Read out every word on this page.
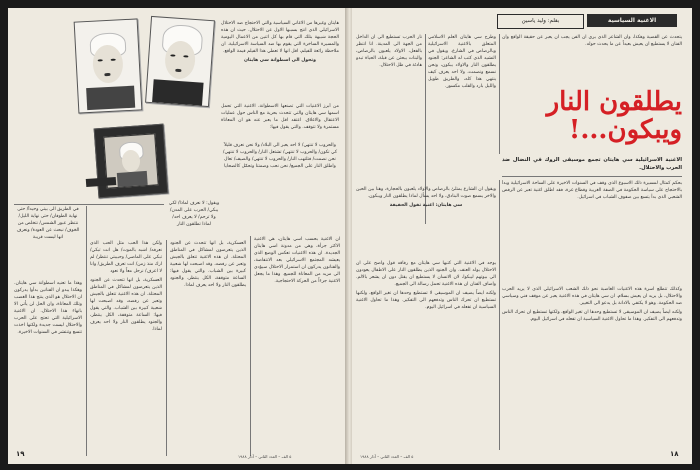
هايتان وغيرها من الاغاني السياسية والتي الاحتجاج ضد الاحتلال الاسرائيلي الذي انتج بسببها الاول عن الاحتلال. حيث ان هذه الحجة شبيهة بتلك التي قام بها كل اثنين من الاعمال اليومية والمسيرة الساخرة التي يقوم بها ضد السياسة الاسرائيلية. ان ملاحظة رائعة للفيلم، اقل انها لا تعطي هذا الفيلم قيمة الواقع.

وتحول الى اسطوانة سي هايتان

من أبرز الاغنيات التي تصنعها الاسطوانة، الاغنية التي تحمل اسمها سي هايتان والتي تتحدث بحرية مع الناس حول عمليات الاعتقال والاغلاق. اعتقد اقل ما يعبر عنه هو ان المعاناة مستمرة ولا تتوقف. والتي يقول فيها:

والحروب لا تنتهي/ لا احد يعبر الى البلاد/ ولا نحن نعرف قليلاً كي تكون/ والحروب لا تنتهي/ تشتعل النار/ والحروب لا تنتهي/ نحن نصمت/ فتلتهب النار/ والحروب لا تنتهي/ والصيف/ تعال واطلق النار على الجميع/ نحن نحب وصمتنا وتحمّل كالضحايا

ويقول: لا نعرف لماذا/ لكي يبكي/ الحرب على المدن/ ولا ترحم/ لا يعرف احد/ لماذا تطلقون النار

في الطريق الى بيتي وحيداً/ حتى نهاية الطوفان/ حتى نهاية الليل/ ننتظر عبور الشمس/ نتخلص من الخوف/ نبحث عن العودة/ ونعرف انها ليست قريبة

وهذا ما تعنيه اسطوانة سي هايتان. وهكذا يبدو ان الفنانين بدأوا يدركون ان الاحتلال هو الذي ينتج هذا الغضب وتلك المعاناة، وان الحل لن يأتي الا بانهاء هذا الاحتلال. ان الاغنية الاسرائيلية التي تحتج على الحرب والاحتلال ليست جديدة ولكنها اخذت تتسع وتنتشر في السنوات الاخيرة.

ولكن هذا الحب مثل الحب الذي نعرفه/ اشبه بالموت/ هل انت تبكي/ تبكي على الماضي/ وحبيبتي تنتظر/ لم ارك منذ زمن/ انت تعرف الطريق/ وانا لا اعرف/ نرحل معاً ولا نعود

العسكرية، بل انها تتحدث عن الجنود الذين يتعرضون لمشاكل في المناطق المحتلة. ان هذه الاغنية تتعلق بالجيش وتعبر عن رفضه، وقد اصبحت لها شعبية كبيرة بين الشباب. والتي يقول فيها: الساعة متوقفة، الكل ينتظر، والجنود يطلقون النار ولا احد يعرف لماذا.

العسكرية، بل انها تتحدث عن الجنود الذين يتعرضون لمشاكل في المناطق المحتلة. ان هذه الاغنية تتعلق بالجيش وتعبر عن رفضه، وقد اصبحت لها شعبية كبيرة بين الشباب. والتي يقول فيها: الساعة متوقفة، الكل ينتظر، والجنود يطلقون النار ولا احد يعرف لماذا.

ان الاغنية بحسب اسي هايتان، هي الاغنية الاكثر جرأة، وهي من مدونة اسي هايتان الجديدة. ان هذه الاغنيات تعكس الوضع الذي يعيشه المجتمع الاسرائيلي بعد الانتفاضة، والفنانون يدركون ان استمرار الاحتلال سيؤدي الى مزيد من المعاناة للجميع. وهذا ما يجعل الاغنية جزءاً من الحركة الاحتجاجية.

١٩	٥ الف – العدد الثاني – آذار ١٩٨٨
الاغنية السياسية
بقلم: وليد ياسين

نار الحرب تستطيع الى ان الداخل من الجهة الى المدينة. انا انتظر بالفعل، الاولاد يلعبون بالرصاص، والبنات يبحثن عن قبلة، الحياة تبدو هادئة في ظل الاحتلال.

وطرح سي هايتان العلم الاسلامي المتعلق بالاغنية الاسرائيلية وبالرصاص في الشارع. ويقول في النشيد الذي كتب له الشاعر: الجنود يطلقون النار والاولاد يبكون، ونحن نسمع ونصمت، ولا احد يعرف كيف ينتهي هذا كله، والطريق طويل والليل بارد والقلب مكسور.

يتحدث عن القضية وهكذا، وان الشاعر الذي يرى ان الفن يجب ان يعبر عن حقيقة الواقع وان الفنان لا يستطيع ان يعيش بعيداً عن ما يحدث حوله.

يطلقون النار
ويبكون...!
الاغنية الاسرائيلية سي هايتان تجمع موسيقى الروك في النضال ضد الحرب والاحتلال.

ويقول ان الشارع يمتلئ بالرصاص والاولاد يلعبون بالحجارة، وهنا بين الحين والاخر يسمع صوت البنادق، ولا احد يسأل لماذا يطلقون النار ويبكون.

سي هايتان: اغنية تقول الحقيقة

بحكم كمثال لمسيرة ذلك الاسبوع الذي وقف في السنوات الاخيرة على الساحة الاسرائيلية وبدأ بالاحتجاج على سياسة الحكومة في الضفة الغربية وقطاع غزة، فقد اطلق اغنية تعبر عن الرفض الشعبي الذي بدأ يتسع بين صفوف الشباب في اسرائيل.

يوجد في الاغنية التي كتبها سي هايتان مع رفاقه قول واضح على ان الاحتلال يولد العنف. وان الجنود الذين يطلقون النار على الاطفال يعودون الى بيوتهم ليبكوا، لان الانسان لا يستطيع ان يقتل دون ان يشعر بالالم. واضاف الفنان ان هذه الاغنية تحمل رسالة الى الجميع.

ولكنه ايضاً يضيف ان الموسيقى لا تستطيع وحدها ان تغير الواقع، ولكنها تستطيع ان تحرك الناس وتدفعهم الى التفكير. وهذا ما تحاول الاغنية السياسية ان تفعله في اسرائيل اليوم.

وكذلك تتطلع اسرة هذه الاغنيات الغاضبة نحو ذلك الشعب الاسرائيلي الذي لا يريد الحرب والاحتلال، بل يريد ان يعيش بسلام. ان سي هايتان في هذه الاغنية يعبر عن موقف فني وسياسي ضد الحكومة. وهو لا يكتفي بالادانة بل يدعو الى التغيير.

ولكنه ايضاً يضيف ان الموسيقى لا تستطيع وحدها ان تغير الواقع، ولكنها تستطيع ان تحرك الناس وتدفعهم الى التفكير. وهذا ما تحاول الاغنية السياسية ان تفعله في اسرائيل اليوم.

١٨
٥ الف – العدد الثاني – آذار ١٩٨٨
